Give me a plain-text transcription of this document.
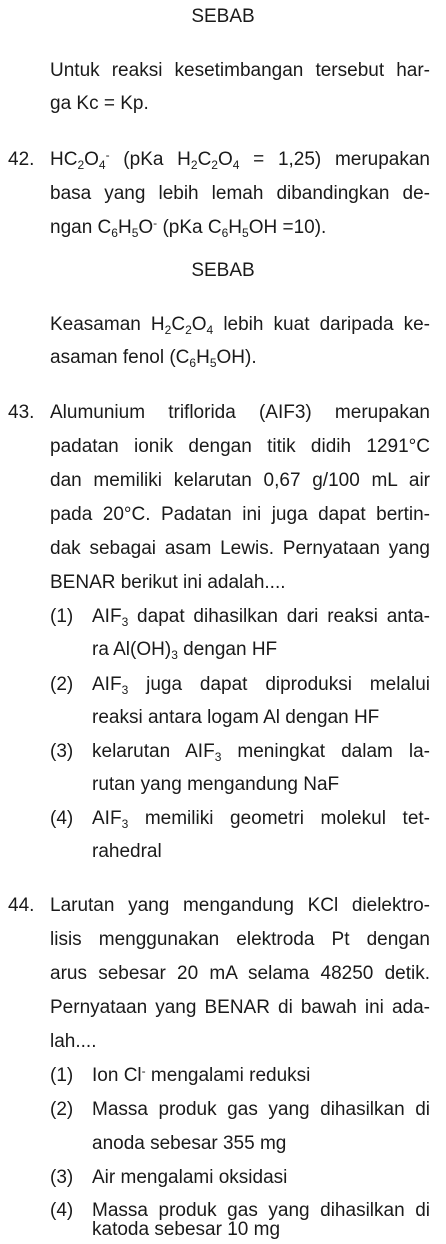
SEBAB
Untuk reaksi kesetimbangan tersebut har-
ga Kc = Kp.
42. $HC_2O_4^-$ (pKa $H_2C_2O_4 = 1,25$) merupakan
basa yang lebih lemah dibandingkan de-
ngan $C_6H_5O^-$ (pKa $C_6H_5OH =10$).
SEBAB
Keasaman $H_2C_2O_4$ lebih kuat daripada ke-
asaman fenol $(C_6H_5OH)$.
43. Alumunium triflorida (AIF3) merupakan
padatan ionik dengan titik didih 1291°C
dan memiliki kelarutan 0,67 g/100 mL air
pada 20°C. Padatan ini juga dapat bertin-
dak sebagai asam Lewis. Pernyataan yang
BENAR berikut ini adalah....
(1) $AIF_3$ dapat dihasilkan dari reaksi anta-
ra $Al(OH)_3$ dengan HF
(2) $AIF_3$ juga dapat diproduksi melalui
reaksi antara logam Al dengan HF
(3) kelarutan $AIF_3$ meningkat dalam la-
rutan yang mengandung NaF
(4) $AIF_3$ memiliki geometri molekul tet-
rahedral
44. Larutan yang mengandung KCl dielektro-
lisis menggunakan elektroda Pt dengan
arus sebesar 20 mA selama 48250 detik.
Pernyataan yang BENAR di bawah ini ada-
lah....
(1) Ion Cl- mengalami reduksi
(2) Massa produk gas yang dihasilkan di
anoda sebesar 355 mg
(3) Air mengalami oksidasi
(4) Massa produk gas yang dihasilkan di
katoda sebesar 10 mg
